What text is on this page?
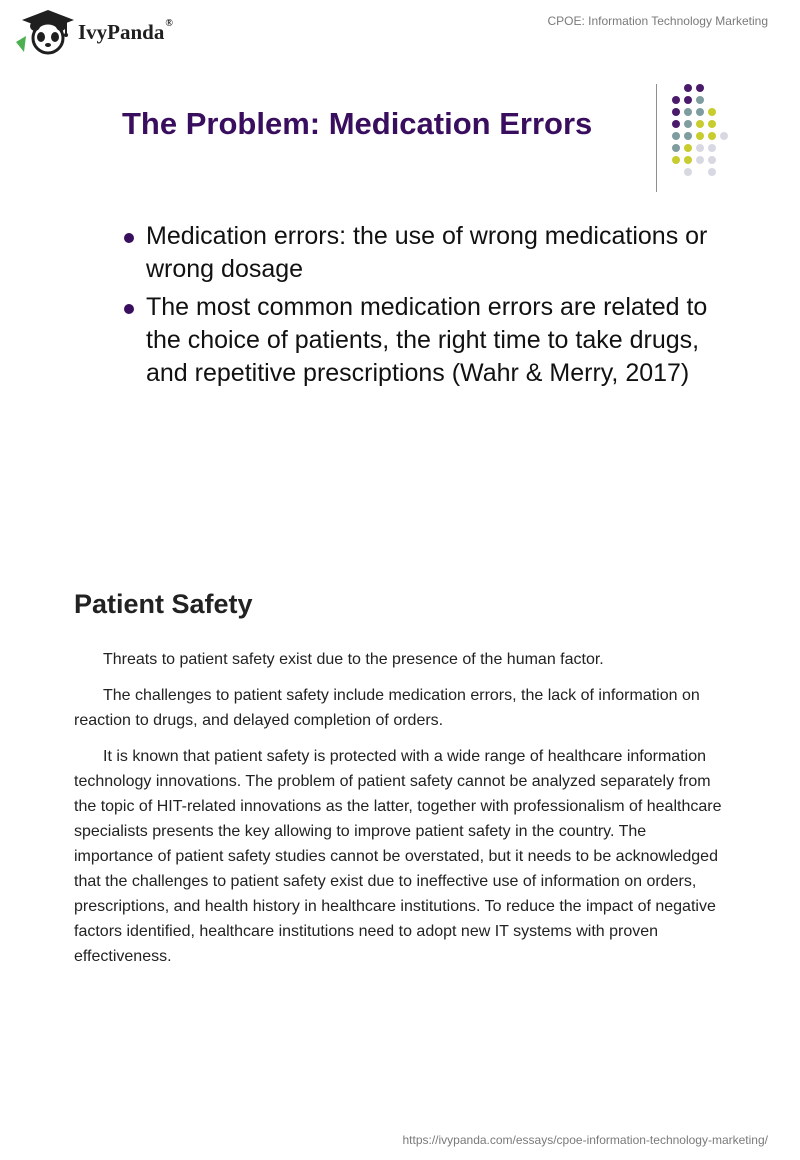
IvyPanda®	CPOE: Information Technology Marketing
The Problem: Medication Errors
Medication errors: the use of wrong medications or wrong dosage
The most common medication errors are related to the choice of patients, the right time to take drugs, and repetitive prescriptions (Wahr & Merry, 2017)
Patient Safety

Threats to patient safety exist due to the presence of the human factor.

The challenges to patient safety include medication errors, the lack of information on reaction to drugs, and delayed completion of orders.

It is known that patient safety is protected with a wide range of healthcare information technology innovations. The problem of patient safety cannot be analyzed separately from the topic of HIT-related innovations as the latter, together with professionalism of healthcare specialists presents the key allowing to improve patient safety in the country. The importance of patient safety studies cannot be overstated, but it needs to be acknowledged that the challenges to patient safety exist due to ineffective use of information on orders, prescriptions, and health history in healthcare institutions. To reduce the impact of negative factors identified, healthcare institutions need to adopt new IT systems with proven effectiveness.

https://ivypanda.com/essays/cpoe-information-technology-marketing/
